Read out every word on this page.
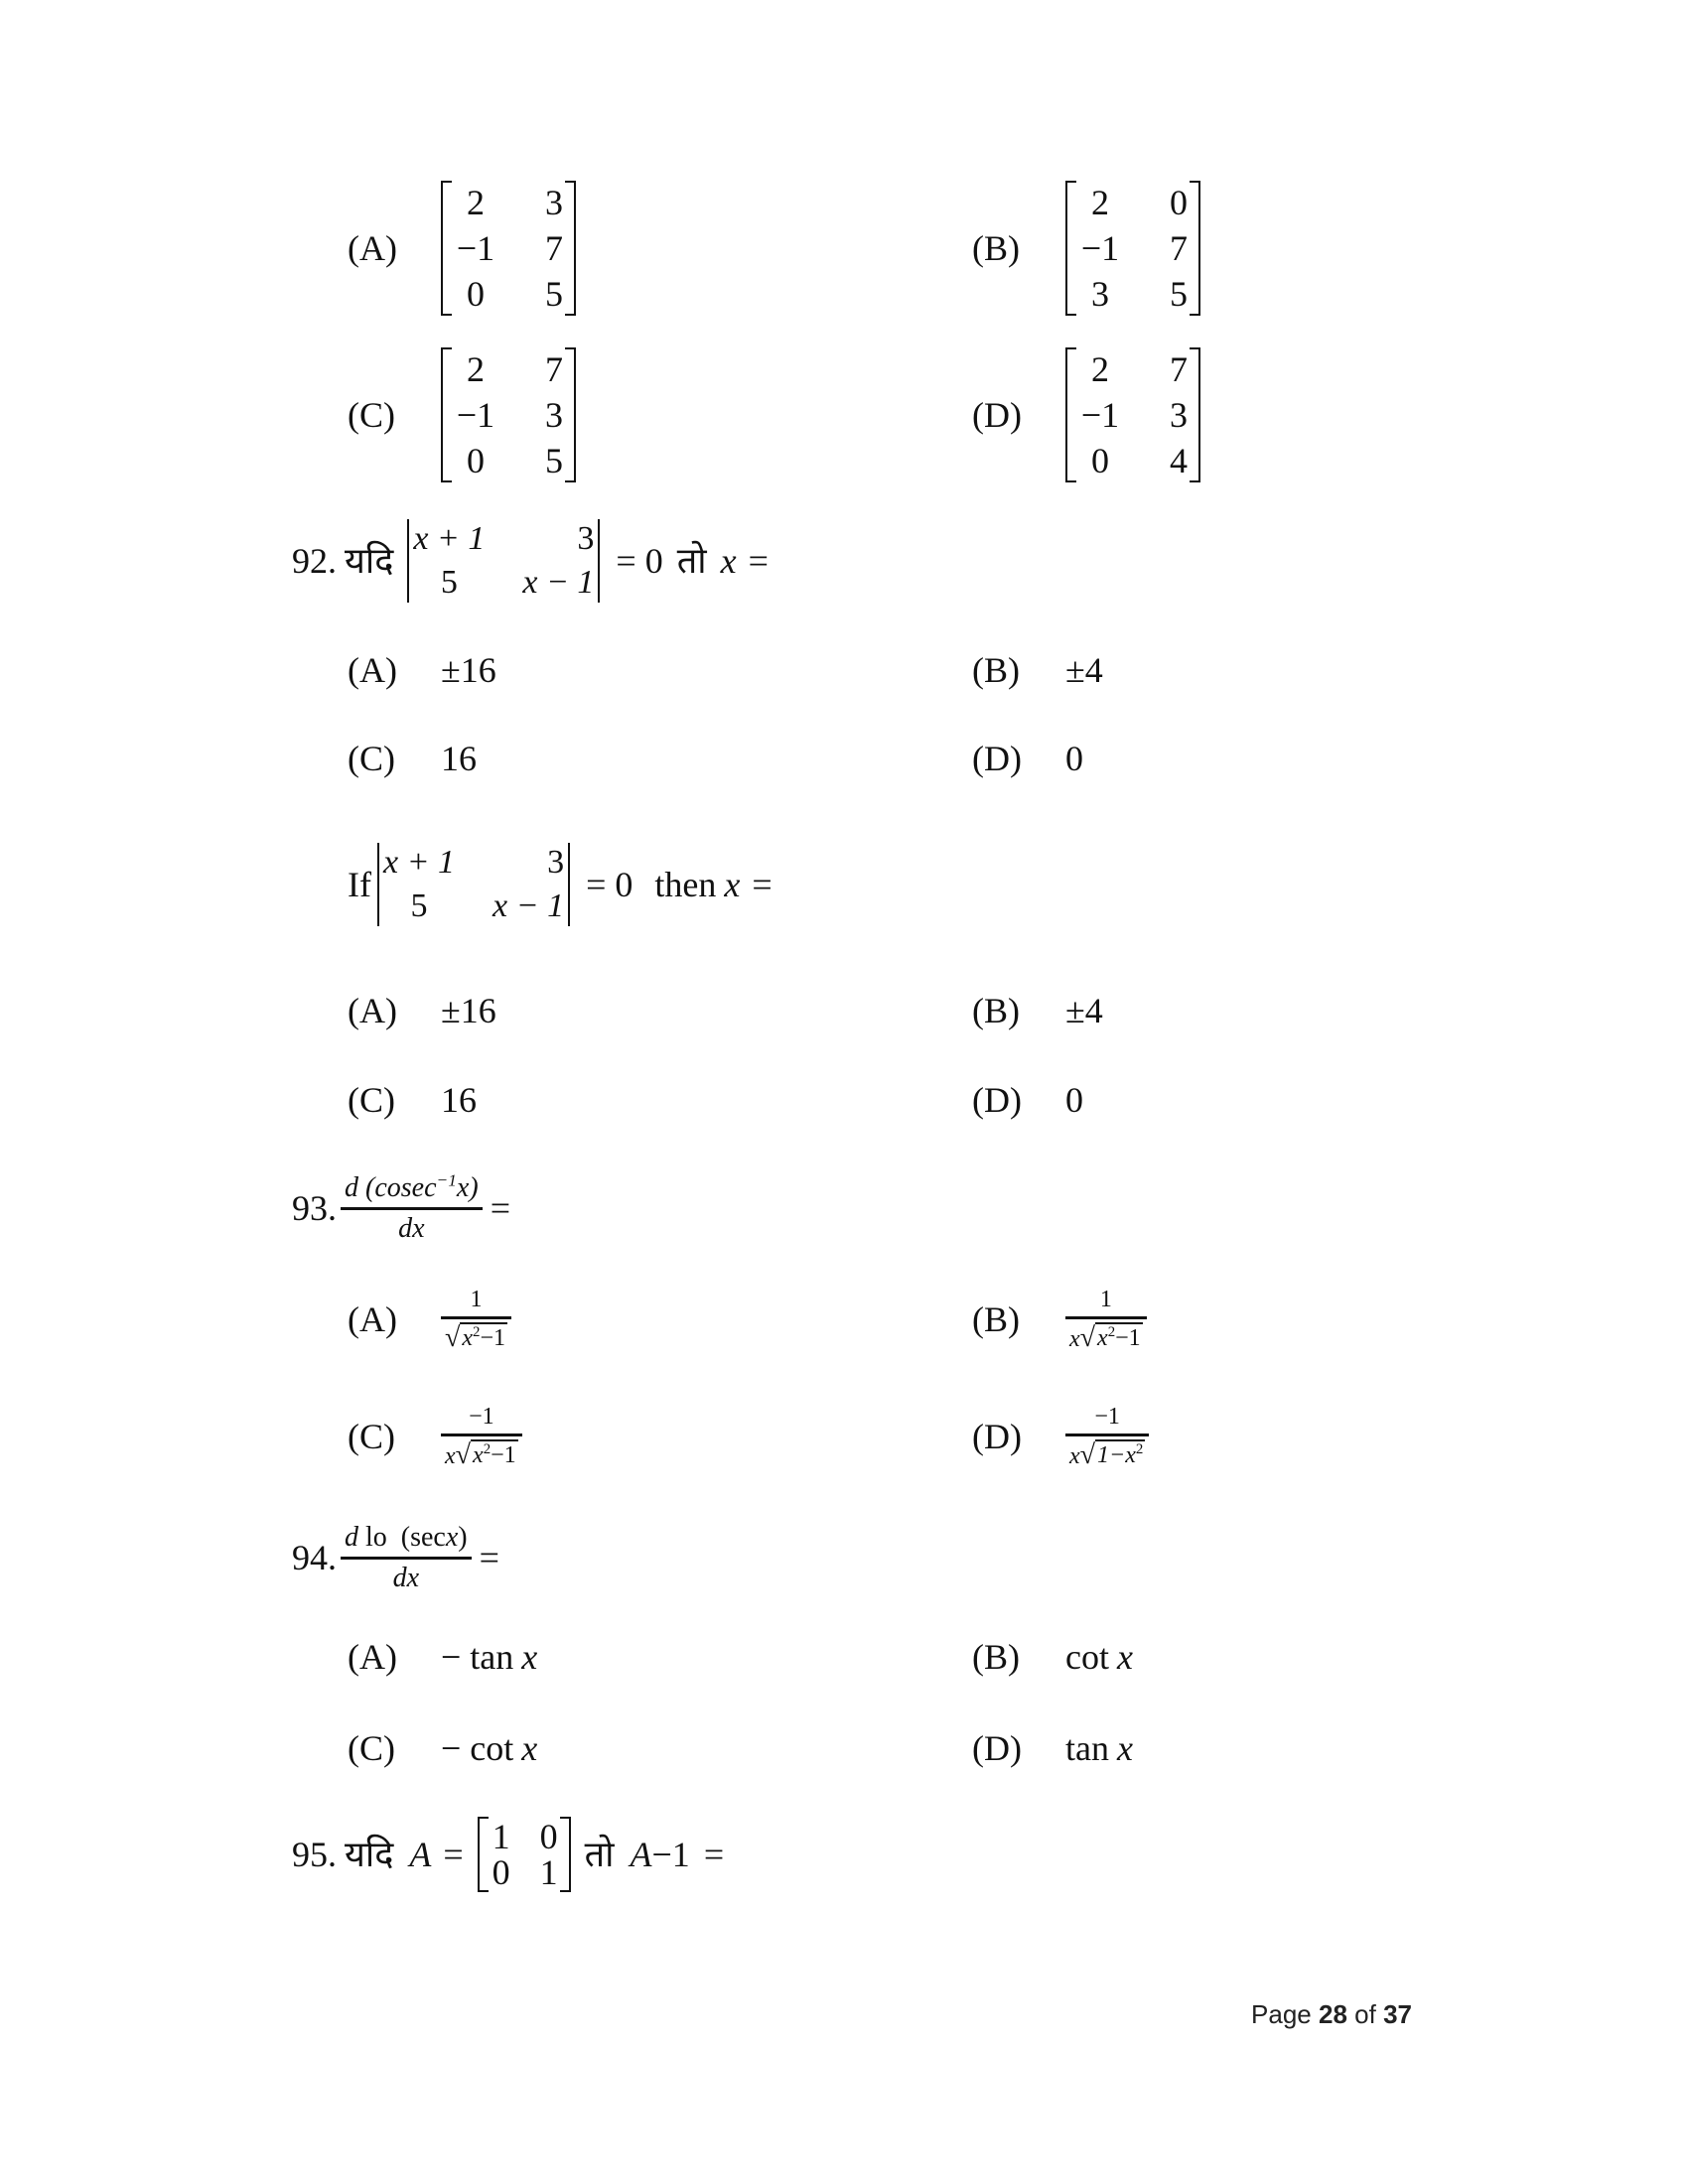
(A)
2	3
−1 7
0	5
(B)
2	0
−1 7
3	5
(C)
2	7
−1 3
0	5
(D)
2	7
−1 3
0	4
92. यदि
x + 1	3
5	x − 1
= 0 तो x =
(A)	±16	(B)	±4
(C)	16	(D)	0
If
x + 1	3
5	x − 1
= 0 then x =
(A)	±16	(B)	±4
(C)	16	(D)	0
93. $\frac{d (cosec^{-1}x)}{dx}$ =
(A)	$\frac{1}{√ x^2-1}$	(B)	$\frac{1}{x √ x^2-1}$
(C)	$\frac{-1}{x √ x^2-1}$	(D)	$\frac{-1}{x √ 1-x^2}$
94. $\frac{\text{d lo  (secx)}}{dx}$ =
(A)	− tan x	(B)	cot x
(C)	− cot x	(D)	tan x
95. यदि A = 1 0
0 1 तो A −1 =
Page 28 of 37
